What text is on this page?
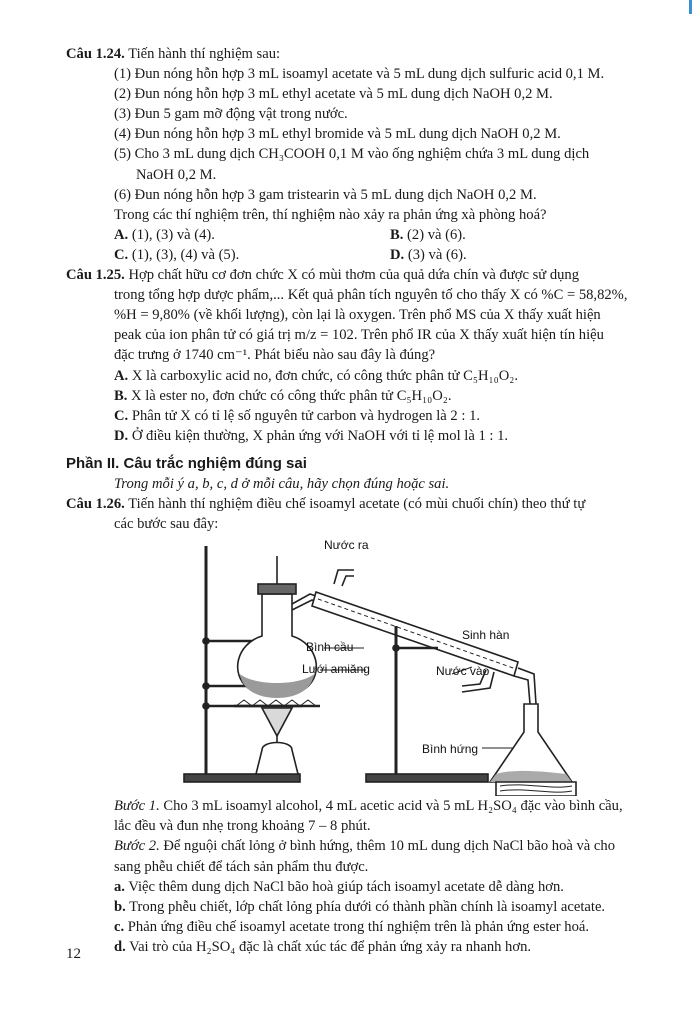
Câu 1.24. Tiến hành thí nghiệm sau:

(1) Đun nóng hỗn hợp 3 mL isoamyl acetate và 5 mL dung dịch sulfuric acid 0,1 M.
(2) Đun nóng hỗn hợp 3 mL ethyl acetate và 5 mL dung dịch NaOH 0,2 M.
(3) Đun 5 gam mỡ động vật trong nước.
(4) Đun nóng hỗn hợp 3 mL ethyl bromide và 5 mL dung dịch NaOH 0,2 M.
(5) Cho 3 mL dung dịch CH₃COOH 0,1 M vào ống nghiệm chứa 3 mL dung dịch
NaOH 0,2 M.
(6) Đun nóng hỗn hợp 3 gam tristearin và 5 mL dung dịch NaOH 0,2 M.
Trong các thí nghiệm trên, thí nghiệm nào xảy ra phản ứng xà phòng hoá?
A. (1), (3) và (4).	B. (2) và (6).
C. (1), (3), (4) và (5).	D. (3) và (6).

Câu 1.25. Hợp chất hữu cơ đơn chức X có mùi thơm của quả dứa chín và được sử dụng

trong tổng hợp dược phẩm,... Kết quả phân tích nguyên tố cho thấy X có %C = 58,82%,
%H = 9,80% (về khối lượng), còn lại là oxygen. Trên phổ MS của X thấy xuất hiện
peak của ion phân tử có giá trị m/z = 102. Trên phổ IR của X thấy xuất hiện tín hiệu
đặc trưng ở 1740 cm⁻¹. Phát biểu nào sau đây là đúng?
A. X là carboxylic acid no, đơn chức, có công thức phân tử C₅H₁₀O₂.
B. X là ester no, đơn chức có công thức phân tử C₅H₁₀O₂.
C. Phân tử X có tỉ lệ số nguyên tử carbon và hydrogen là 2 : 1.
D. Ở điều kiện thường, X phản ứng với NaOH với tỉ lệ mol là 1 : 1.
Phần II. Câu trắc nghiệm đúng sai
Trong mỗi ý a, b, c, d ở mỗi câu, hãy chọn đúng hoặc sai.

Câu 1.26. Tiến hành thí nghiệm điều chế isoamyl acetate (có mùi chuối chín) theo thứ tự

các bước sau đây:
Nước ra
Sinh hàn
Bình cầu
Nước vào
Lưới amiăng
Bình hứng
Bước 1. Cho 3 mL isoamyl alcohol, 4 mL acetic acid và 5 mL H₂SO₄ đặc vào bình cầu,
lắc đều và đun nhẹ trong khoảng 7 – 8 phút.
Bước 2. Để nguội chất lỏng ở bình hứng, thêm 10 mL dung dịch NaCl bão hoà và cho
sang phễu chiết để tách sản phẩm thu được.
a. Việc thêm dung dịch NaCl bão hoà giúp tách isoamyl acetate dễ dàng hơn.
b. Trong phễu chiết, lớp chất lỏng phía dưới có thành phần chính là isoamyl acetate.
c. Phản ứng điều chế isoamyl acetate trong thí nghiệm trên là phản ứng ester hoá.
d. Vai trò của H₂SO₄ đặc là chất xúc tác để phản ứng xảy ra nhanh hơn.
12
